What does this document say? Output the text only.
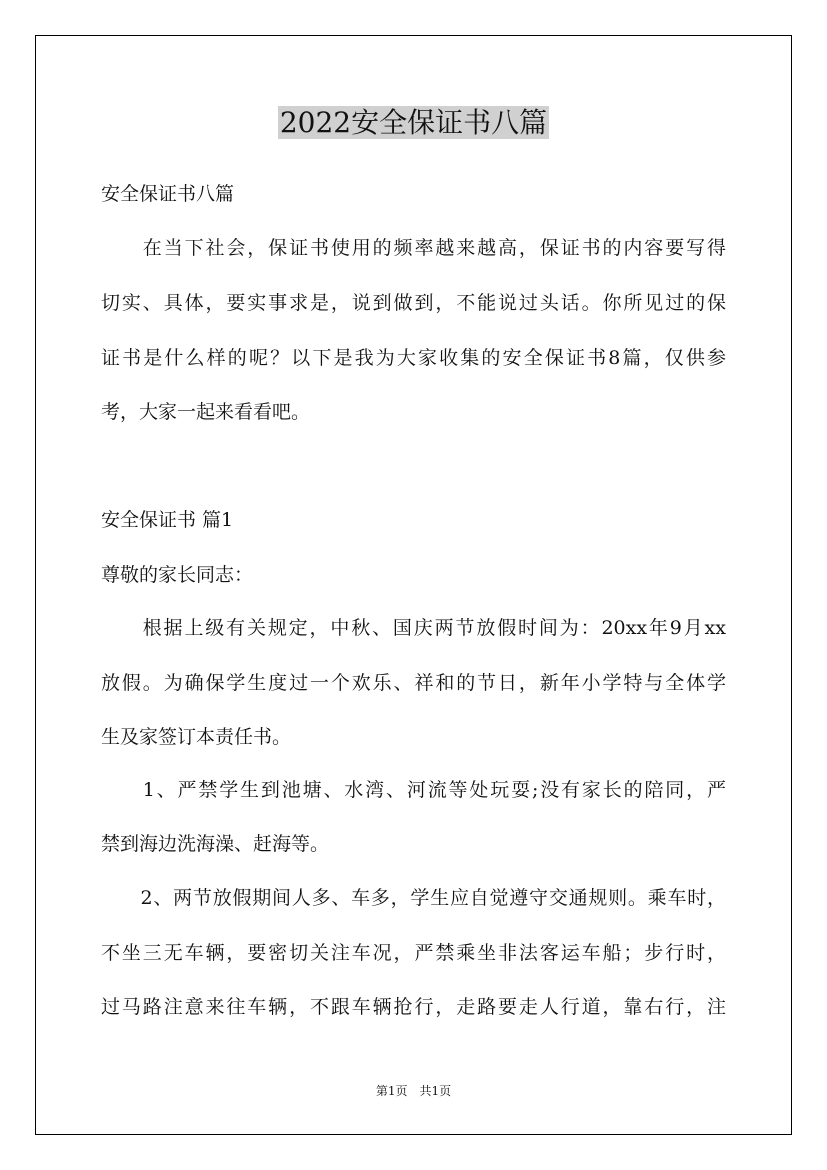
2022安全保证书八篇
安全保证书八篇
　　在当下社会，保证书使用的频率越来越高，保证书的内容要写得
切实、具体，要实事求是，说到做到，不能说过头话。你所见过的保
证书是什么样的呢？以下是我为大家收集的安全保证书8篇，仅供参
考，大家一起来看看吧。
安全保证书 篇1
尊敬的家长同志：
　　根据上级有关规定，中秋、国庆两节放假时间为：20xx年9月xx
放假。为确保学生度过一个欢乐、祥和的节日，新年小学特与全体学
生及家签订本责任书。
　　1、严禁学生到池塘、水湾、河流等处玩耍;没有家长的陪同，严
禁到海边洗海澡、赶海等。
　　2、两节放假期间人多、车多，学生应自觉遵守交通规则。乘车时，
不坐三无车辆，要密切关注车况，严禁乘坐非法客运车船；步行时，
过马路注意来往车辆，不跟车辆抢行，走路要走人行道，靠右行，注
第1页　共1页
